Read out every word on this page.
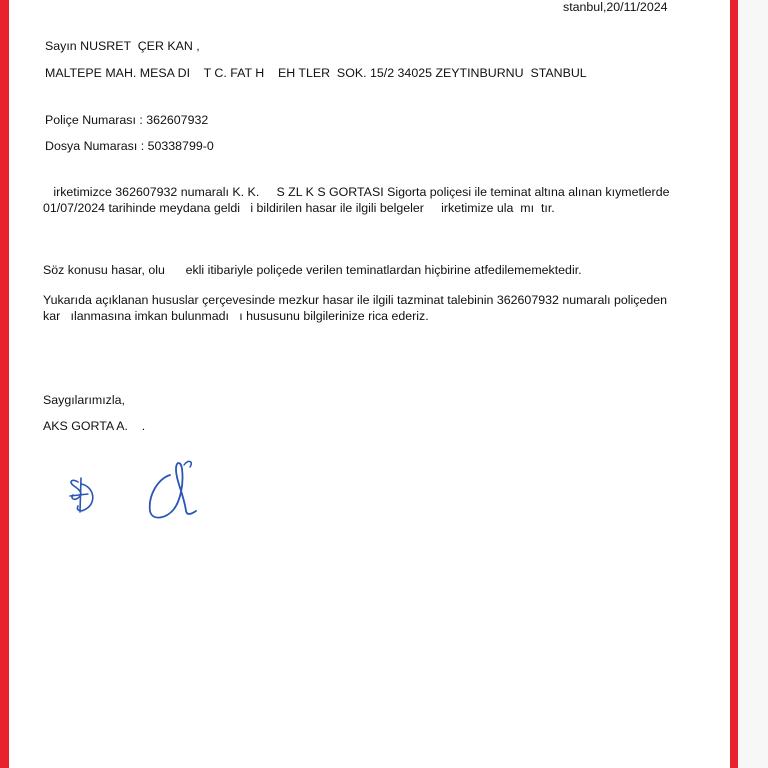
stanbul,20/11/2024
Sayın NUSRET  ÇER KAN ,
MALTEPE MAH. MESA DI    T C. FAT H    EH TLER  SOK. 15/2 34025 ZEYTINBURNU  STANBUL
Poliçe Numarası : 362607932
Dosya Numarası : 50338799-0
irketimizce 362607932 numaralı K. K.     S ZL K S GORTASI Sigorta poliçesi ile teminat altına alınan kıymetlerde
01/07/2024 tarihinde meydana geldi   i bildirilen hasar ile ilgili belgeler     irketimize ula  mı  tır.
Söz konusu hasar, olu      ekli itibariyle poliçede verilen teminatlardan hiçbirine atfedilememektedir.
Yukarıda açıklanan hususlar çerçevesinde mezkur hasar ile ilgili tazminat talebinin 362607932 numaralı poliçeden
kar   ılanmasına imkan bulunmadı   ı hususunu bilgilerinize rica ederiz.
Saygılarımızla,
AKS GORTA A.    .
